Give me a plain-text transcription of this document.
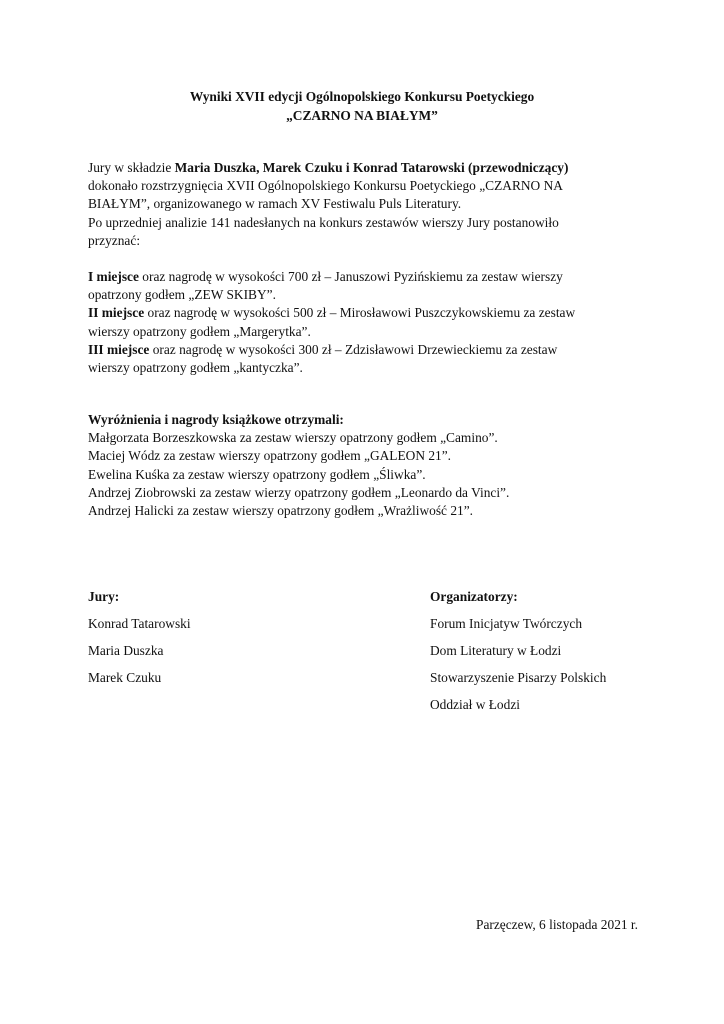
Wyniki XVII edycji Ogólnopolskiego Konkursu Poetyckiego
„CZARNO NA BIAŁYM”
Jury w składzie Maria Duszka, Marek Czuku i Konrad Tatarowski (przewodniczący)
dokonało rozstrzygnięcia XVII Ogólnopolskiego Konkursu Poetyckiego „CZARNO NA
BIAŁYM”, organizowanego w ramach XV Festiwalu Puls Literatury.
Po uprzedniej analizie 141 nadesłanych na konkurs zestawów wierszy Jury postanowiło
przyznać:
I miejsce oraz nagrodę w wysokości 700 zł – Januszowi Pyzińskiemu za zestaw wierszy
opatrzony godłem „ZEW SKIBY”.
II miejsce oraz nagrodę w wysokości 500 zł – Mirosławowi Puszczykowskiemu za zestaw
wierszy opatrzony godłem „Margerytka”.
III miejsce oraz nagrodę w wysokości 300 zł – Zdzisławowi Drzewieckiemu za zestaw
wierszy opatrzony godłem „kantyczka”.
Wyróżnienia i nagrody książkowe otrzymali:
Małgorzata Borzeszkowska za zestaw wierszy opatrzony godłem „Camino”.
Maciej Wódz za zestaw wierszy opatrzony godłem „GALEON 21”.
Ewelina Kuśka za zestaw wierszy opatrzony godłem „Śliwka”.
Andrzej Ziobrowski za zestaw wierzy opatrzony godłem „Leonardo da Vinci”.
Andrzej Halicki za zestaw wierszy opatrzony godłem „Wrażliwość 21”.
Jury:
Konrad Tatarowski
Maria Duszka
Marek Czuku
Organizatorzy:
Forum Inicjatyw Twórczych
Dom Literatury w Łodzi
Stowarzyszenie Pisarzy Polskich
Oddział w Łodzi
Parzęczew, 6 listopada 2021 r.
